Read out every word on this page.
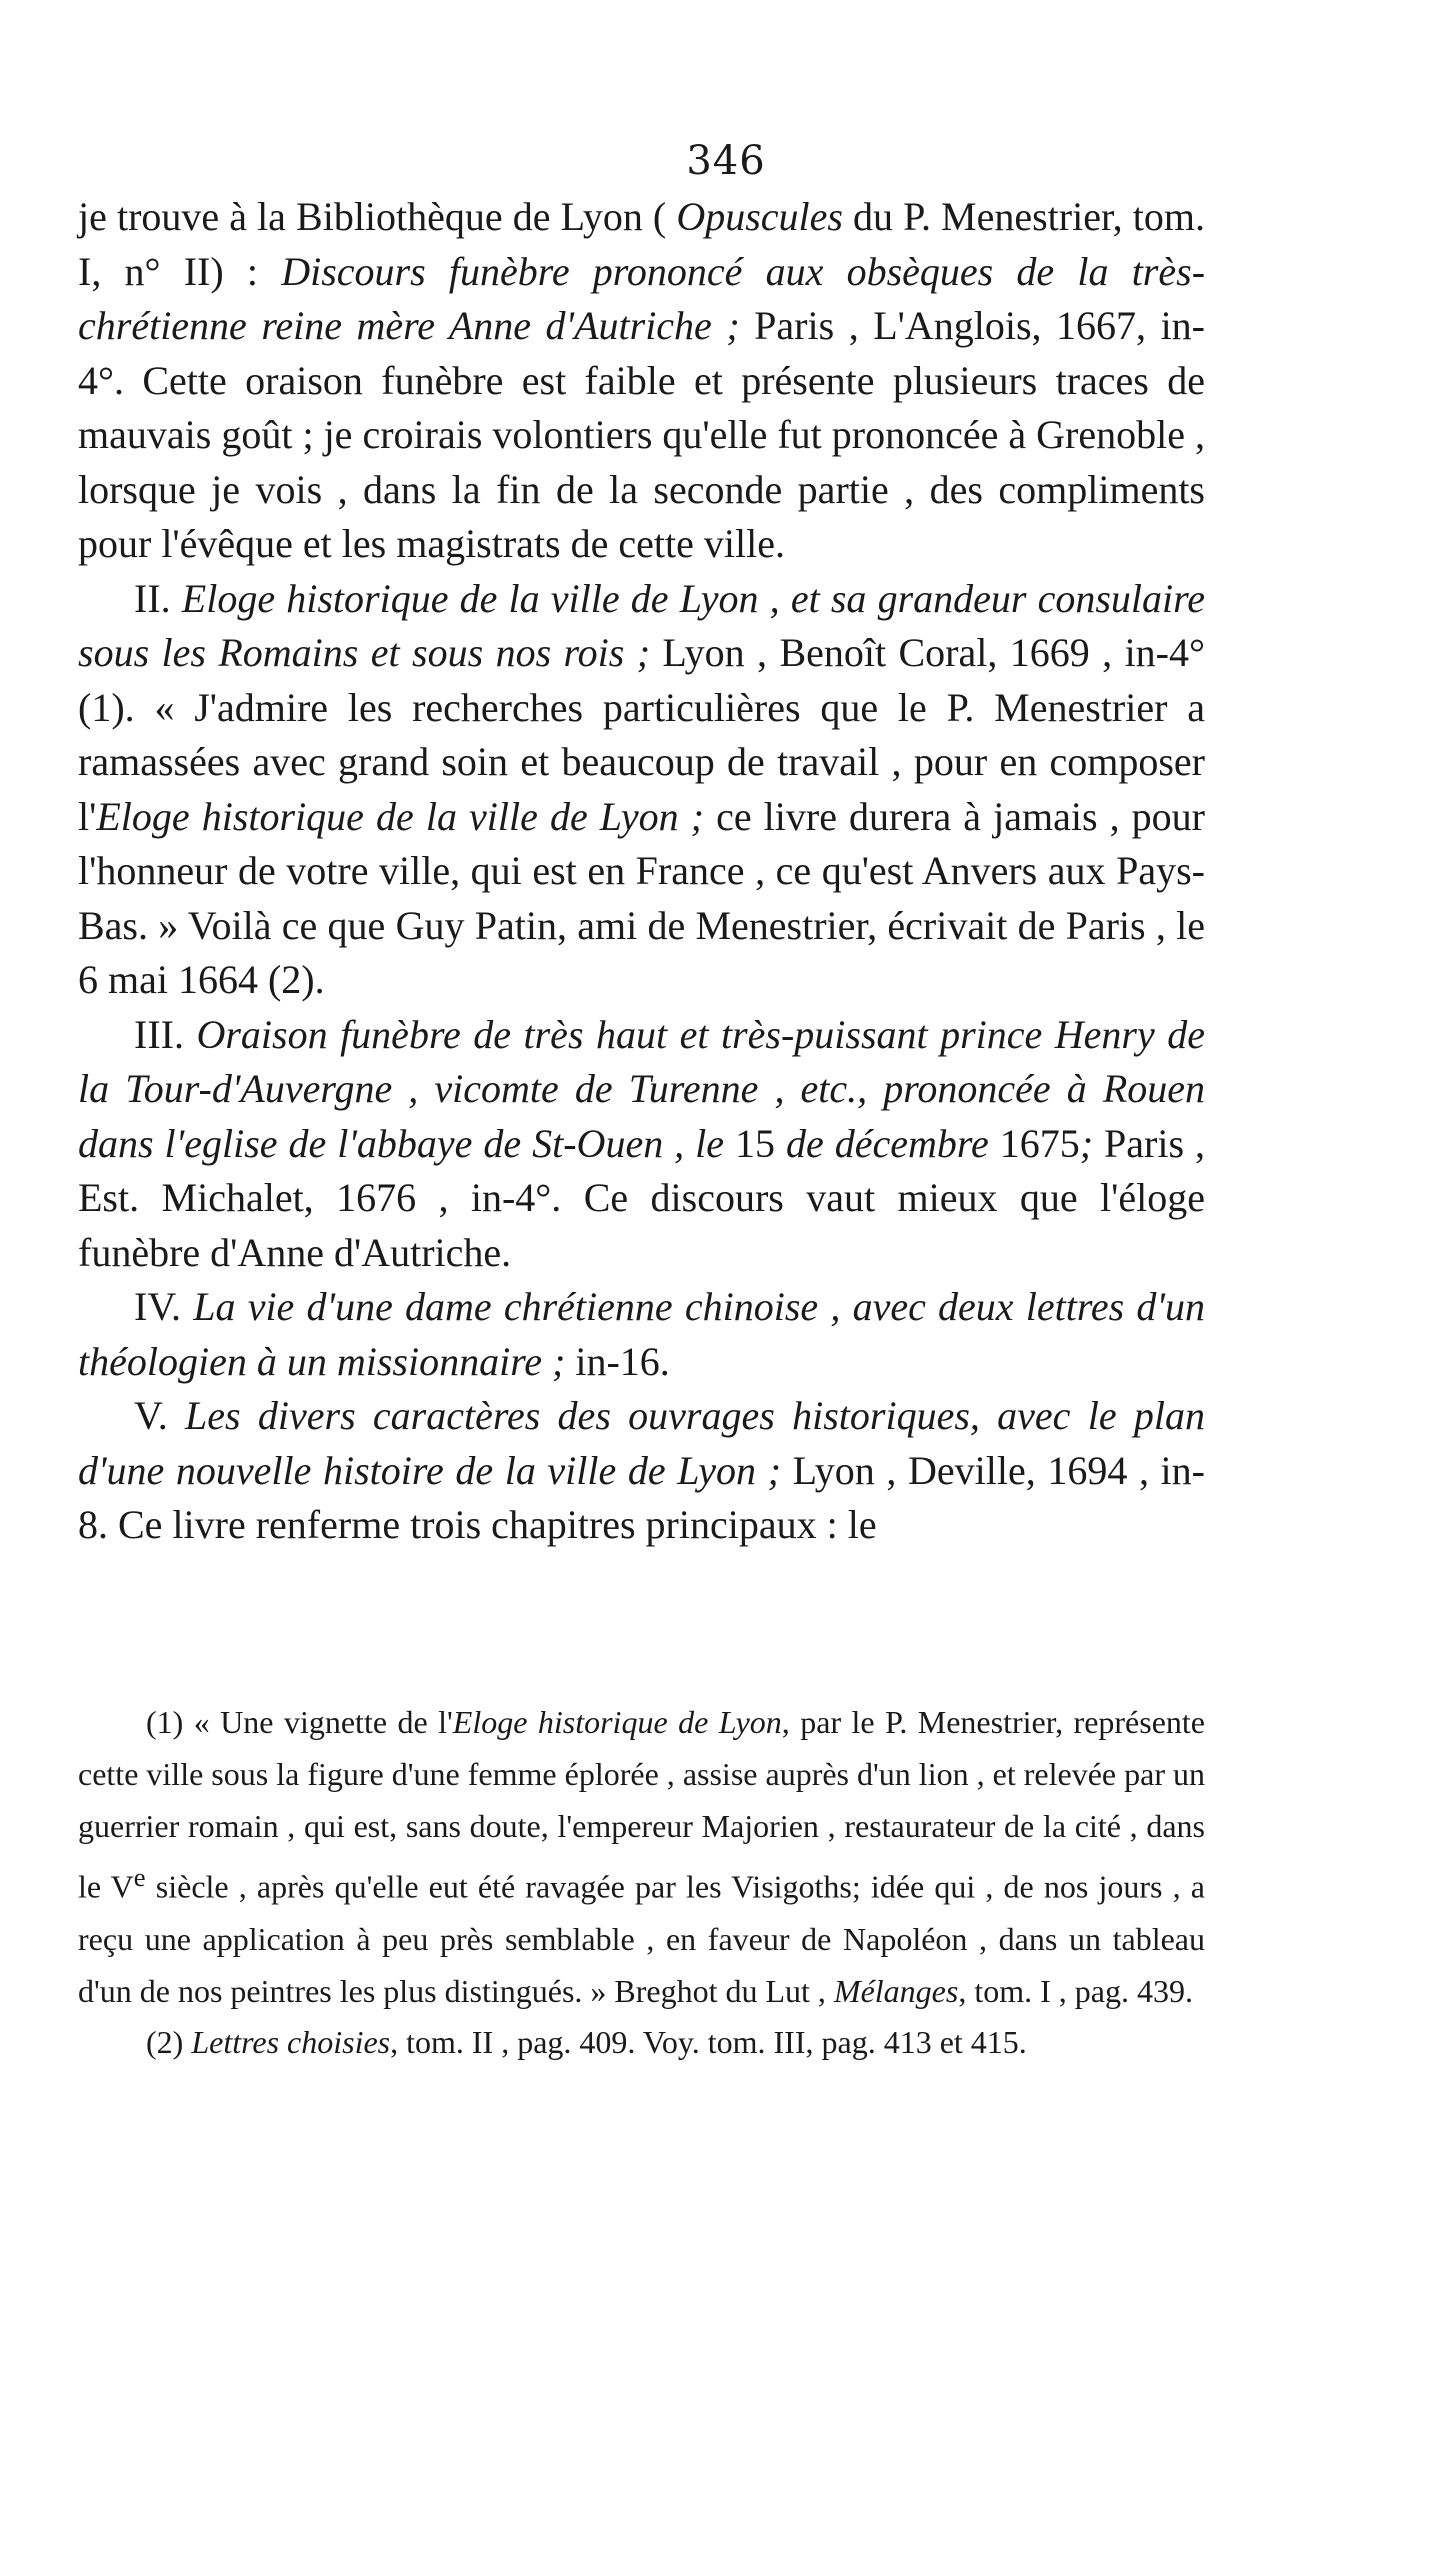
346

je trouve à la Bibliothèque de Lyon ( Opuscules du P. Menestrier, tom. I, n° II) : Discours funèbre prononcé aux obsèques de la très-chrétienne reine mère Anne d'Autriche ; Paris , L'Anglois, 1667, in-4°. Cette oraison funèbre est faible et présente plusieurs traces de mauvais goût ; je croirais volontiers qu'elle fut prononcée à Grenoble , lorsque je vois , dans la fin de la seconde partie , des compliments pour l'évêque et les magistrats de cette ville.

II. Eloge historique de la ville de Lyon , et sa grandeur consulaire sous les Romains et sous nos rois ; Lyon , Benoît Coral, 1669 , in-4° (1). « J'admire les recherches particulières que le P. Menestrier a ramassées avec grand soin et beaucoup de travail , pour en composer l'Eloge historique de la ville de Lyon ; ce livre durera à jamais , pour l'honneur de votre ville, qui est en France , ce qu'est Anvers aux Pays-Bas. » Voilà ce que Guy Patin, ami de Menestrier, écrivait de Paris , le 6 mai 1664 (2).

III. Oraison funèbre de très haut et très-puissant prince Henry de la Tour-d'Auvergne , vicomte de Turenne , etc., prononcée à Rouen dans l'eglise de l'abbaye de St-Ouen , le 15 de décembre 1675; Paris , Est. Michalet, 1676 , in-4°. Ce discours vaut mieux que l'éloge funèbre d'Anne d'Autriche.

IV. La vie d'une dame chrétienne chinoise , avec deux lettres d'un théologien à un missionnaire ; in-16.

V. Les divers caractères des ouvrages historiques, avec le plan d'une nouvelle histoire de la ville de Lyon ; Lyon , Deville, 1694 , in-8. Ce livre renferme trois chapitres principaux : le

(1) « Une vignette de l'Eloge historique de Lyon, par le P. Menestrier, représente cette ville sous la figure d'une femme éplorée , assise auprès d'un lion , et relevée par un guerrier romain , qui est, sans doute, l'empereur Majorien , restaurateur de la cité , dans le Ve siècle , après qu'elle eut été ravagée par les Visigoths; idée qui , de nos jours , a reçu une application à peu près semblable , en faveur de Napoléon , dans un tableau d'un de nos peintres les plus distingués. » Breghot du Lut , Mélanges, tom. I , pag. 439.

(2) Lettres choisies, tom. II , pag. 409. Voy. tom. III, pag. 413 et 415.
